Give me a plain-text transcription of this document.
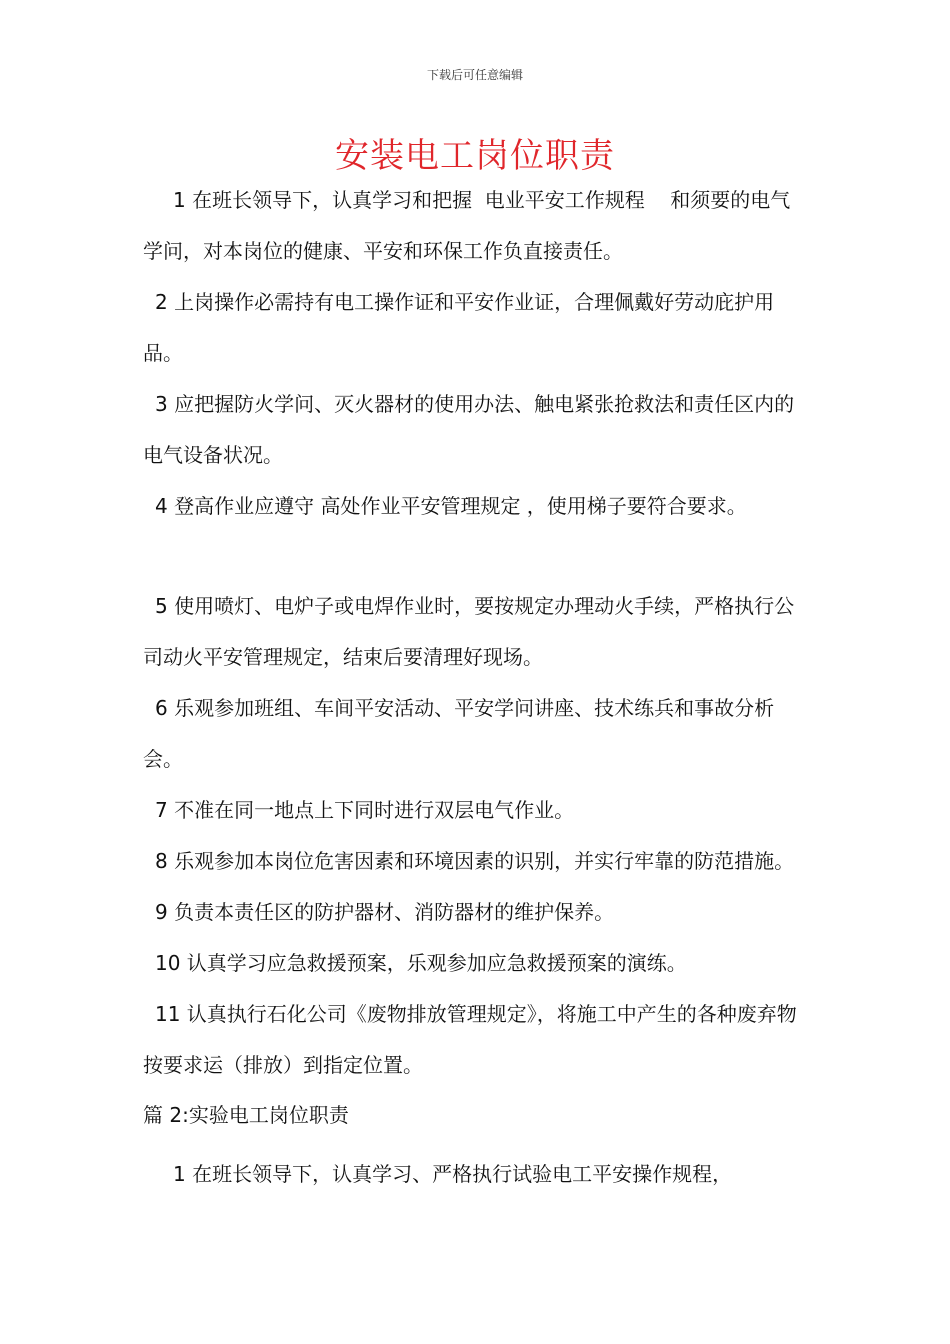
下载后可任意编辑
安装电工岗位职责

1 在班长领导下，认真学习和把握  电业平安工作规程    和须要的电气学问，对本岗位的健康、平安和环保工作负直接责任。

2 上岗操作必需持有电工操作证和平安作业证，合理佩戴好劳动庇护用品。

3 应把握防火学问、灭火器材的使用办法、触电紧张抢救法和责任区内的电气设备状况。

4 登高作业应遵守 高处作业平安管理规定 ，使用梯子要符合要求。

5 使用喷灯、电炉子或电焊作业时，要按规定办理动火手续，严格执行公司动火平安管理规定，结束后要清理好现场。

6 乐观参加班组、车间平安活动、平安学问讲座、技术练兵和事故分析会。

7 不准在同一地点上下同时进行双层电气作业。

8 乐观参加本岗位危害因素和环境因素的识别，并实行牢靠的防范措施。

9 负责本责任区的防护器材、消防器材的维护保养。

10 认真学习应急救援预案，乐观参加应急救援预案的演练。

11 认真执行石化公司《废物排放管理规定》，将施工中产生的各种废弃物按要求运（排放）到指定位置。

篇 2:实验电工岗位职责

1 在班长领导下，认真学习、严格执行试验电工平安操作规程，
